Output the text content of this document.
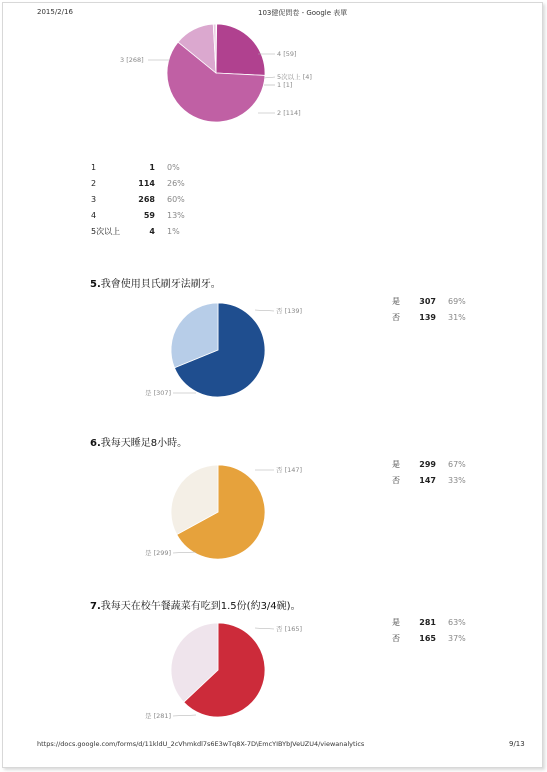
2015/2/16	103健促問卷 - Google 表單
1 [1]
2 [114]
3 [268]
4 [59]
5次以上 [4]
1	1	0%
2	114	26%
3	268	60%
4	59	13%
5次以上	4	1%
5.我會使用貝氏刷牙法刷牙。
是 [307]
否 [139]
是	307	69%
否	139	31%
6.我每天睡足8小時。
是 [299]
否 [147]
是	299	67%
否	147	33%
7.我每天在校午餐蔬菜有吃到1.5份(約3/4碗)。
是 [281]
否 [165]
是	281	63%
否	165	37%
https://docs.google.com/forms/d/11kldU_2cVhmkdl7s6E3wTq8X-7D\EmcYIBYbJVeUZU4/viewanalytics	9/13
